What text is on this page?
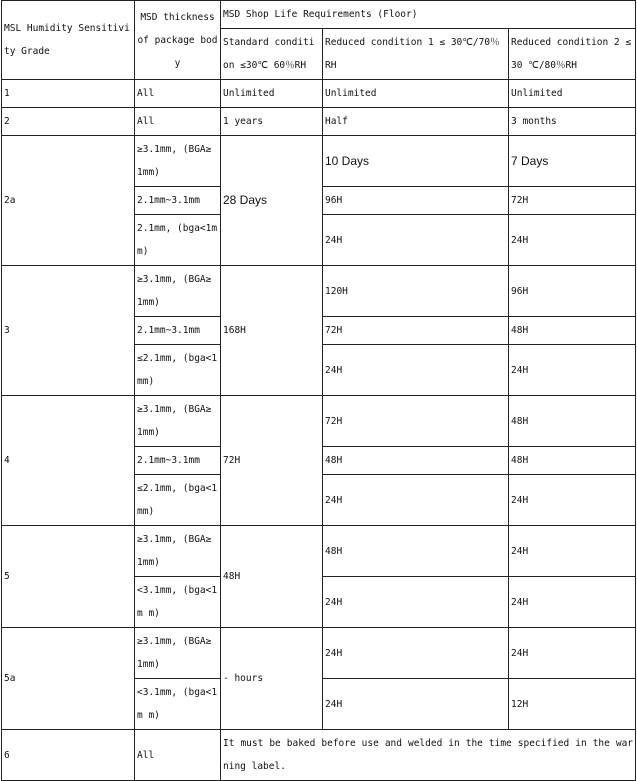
MSL Humidity Sensitivity Grade	MSD thickness of package body	MSD Shop Life Requirements (Floor)		
		Standard condition ≤30℃ 60％RH	Reduced condition 1 ≤ 30℃/70％ RH	Reduced condition 2 ≤30 ℃/80％RH

1	All	Unlimited	Unlimited	Unlimited
2	All	1 years	Half	3 months
2a	≥3.1mm, (BGA≥ 1mm)	28 Days	10 Days	7 Days
	2.1mm~3.1mm		96H	72H
	2.1mm, (bga<1m m)		24H	24H
3	≥3.1mm, (BGA≥ 1mm)	168H	120H	96H
	2.1mm~3.1mm		72H	48H
	≤2.1mm, (bga<1 mm)		24H	24H
4	≥3.1mm, (BGA≥ 1mm)	72H	72H	48H
	2.1mm~3.1mm		48H	48H
	≤2.1mm, (bga<1 mm)		24H	24H
5	≥3.1mm, (BGA≥ 1mm)	48H	48H	24H
	<3.1mm, (bga<1m m)		24H	24H
5a	≥3.1mm, (BGA≥ 1mm)	- hours	24H	24H
	<3.1mm, (bga<1m m)		24H	12H
6	All	It must be baked before use and welded in the time specified in the warning label.		
